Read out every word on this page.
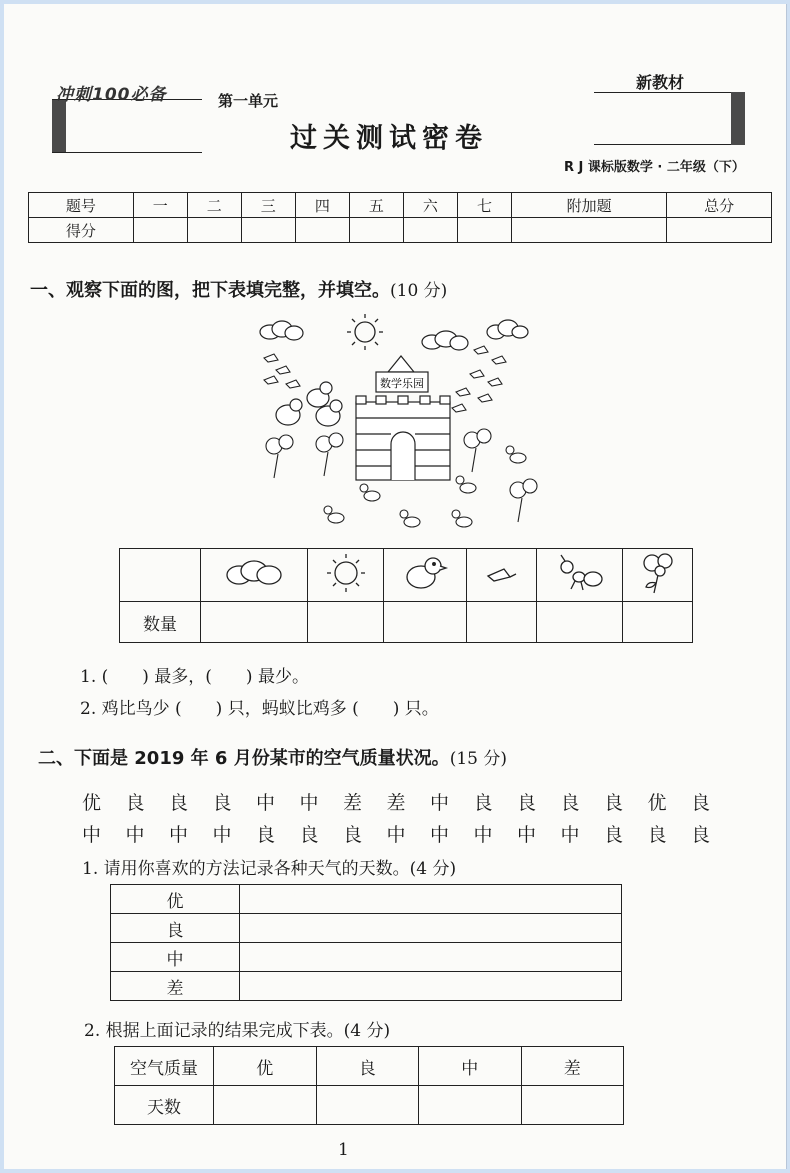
冲刺100必备	第一单元
过关测试密卷
新教材
R J 课标版数学 · 二年级（下）
题号	一	二	三	四	五	六	七	附加题	总分
得分									
一、观察下面的图，把下表填完整，并填空。(10 分)
数学乐园

数量						
1. (　　) 最多，(　　) 最少。
2. 鸡比鸟少 (　　) 只，蚂蚁比鸡多 (　　) 只。
二、下面是 2019 年 6 月份某市的空气质量状况。(15 分)
优 良 良 良 中 中 差 差 中 良 良 良 良 优 良
中 中 中 中 良 良 良 中 中 中 中 中 良 良 良
1. 请用你喜欢的方法记录各种天气的天数。(4 分)
优	
良	
中	
差	
2. 根据上面记录的结果完成下表。(4 分)
空气质量	优	良	中	差
天数				
1
